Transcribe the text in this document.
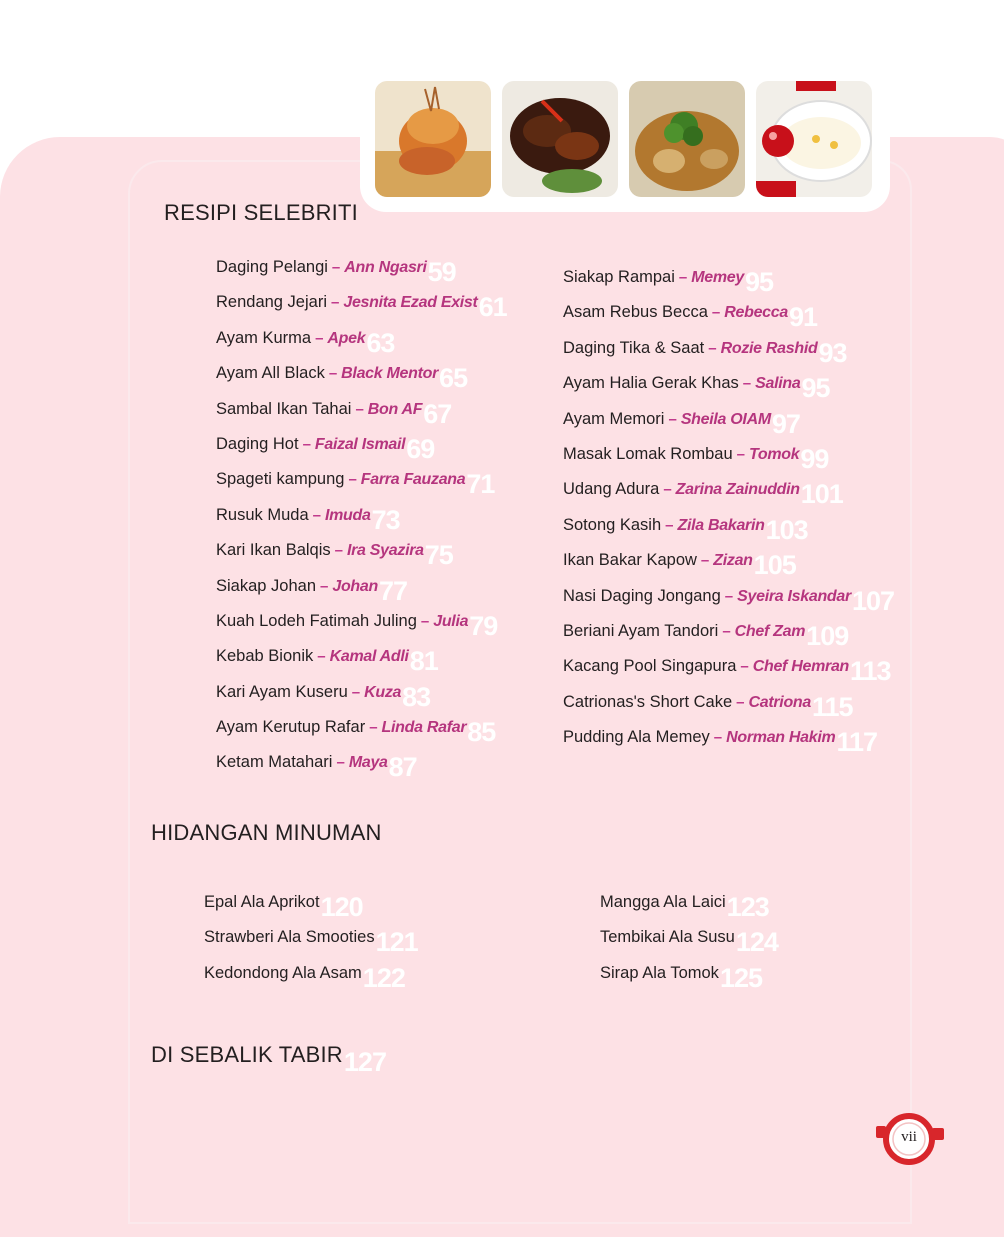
RESIPI SELEBRITI
Daging Pelangi – Ann Ngasri59
Rendang Jejari – Jesnita Ezad Exist61
Ayam Kurma – Apek63
Ayam All Black – Black Mentor65
Sambal Ikan Tahai – Bon AF67
Daging Hot – Faizal Ismail69
Spageti kampung – Farra Fauzana71
Rusuk Muda – Imuda73
Kari Ikan Balqis – Ira Syazira75
Siakap Johan – Johan77
Kuah Lodeh Fatimah Juling – Julia79
Kebab Bionik – Kamal Adli81
Kari Ayam Kuseru – Kuza83
Ayam Kerutup Rafar – Linda Rafar85
Ketam Matahari – Maya87
Siakap Rampai – Memey95
Asam Rebus Becca – Rebecca91
Daging Tika & Saat – Rozie Rashid93
Ayam Halia Gerak Khas – Salina95
Ayam Memori – Sheila OIAM97
Masak Lomak Rombau – Tomok99
Udang Adura – Zarina Zainuddin101
Sotong Kasih – Zila Bakarin103
Ikan Bakar Kapow – Zizan105
Nasi Daging Jongang – Syeira Iskandar107
Beriani Ayam Tandori – Chef Zam109
Kacang Pool Singapura – Chef Hemran113
Catrionas's Short Cake – Catriona115
Pudding Ala Memey – Norman Hakim117
HIDANGAN MINUMAN
Epal Ala Aprikot120
Strawberi Ala Smooties121
Kedondong Ala Asam122
Mangga Ala Laici123
Tembikai Ala Susu124
Sirap Ala Tomok125
DI SEBALIK TABIR127
vii
